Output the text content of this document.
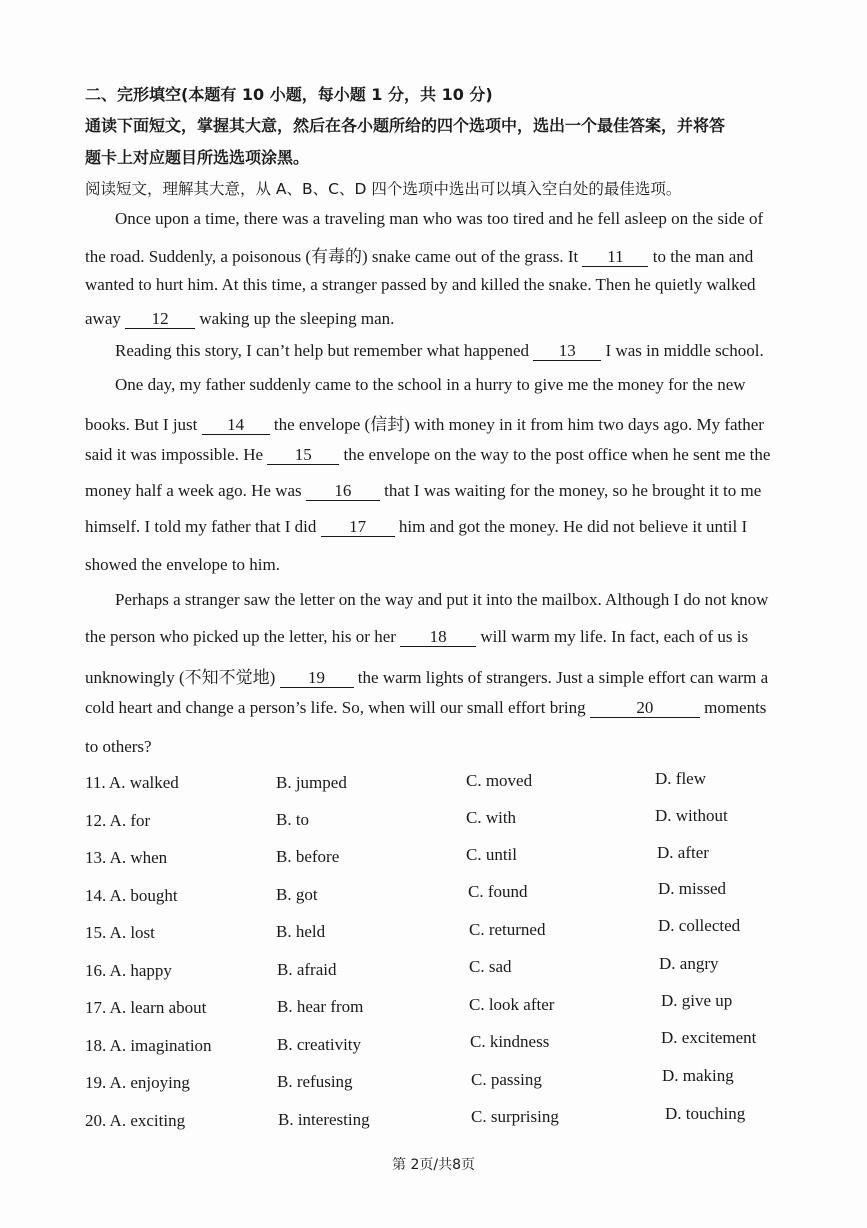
二、完形填空(本题有 10 小题，每小题 1 分，共 10 分)
通读下面短文，掌握其大意，然后在各小题所给的四个选项中，选出一个最佳答案，并将答
题卡上对应题目所选选项涂黑。
阅读短文，理解其大意，从 A、B、C、D 四个选项中选出可以填入空白处的最佳选项。
Once upon a time, there was a traveling man who was too tired and he fell asleep on the side of
the road. Suddenly, a poisonous (有毒的) snake came out of the grass. It 11 to the man and
wanted to hurt him. At this time, a stranger passed by and killed the snake. Then he quietly walked
away 12 waking up the sleeping man.
Reading this story, I can’t help but remember what happened 13 I was in middle school.
One day, my father suddenly came to the school in a hurry to give me the money for the new
books. But I just 14 the envelope (信封) with money in it from him two days ago. My father
said it was impossible. He 15 the envelope on the way to the post office when he sent me the
money half a week ago. He was 16 that I was waiting for the money, so he brought it to me
himself. I told my father that I did 17 him and got the money. He did not believe it until I
showed the envelope to him.
Perhaps a stranger saw the letter on the way and put it into the mailbox. Although I do not know
the person who picked up the letter, his or her 18 will warm my life. In fact, each of us is
unknowingly (不知不觉地) 19 the warm lights of strangers. Just a simple effort can warm a
cold heart and change a person’s life. So, when will our small effort bring	20	moments
to others?
11. A. walked	B. jumped	C. moved	D. flew
12. A. for	B. to	C. with	D. without
13. A. when	B. before	C. until	D. after
14. A. bought	B. got	C. found	D. missed
15. A. lost	B. held	C. returned	D. collected
16. A. happy	B. afraid	C. sad	D. angry
17. A. learn about	B. hear from	C. look after	D. give up
18. A. imagination	B. creativity	C. kindness	D. excitement
19. A. enjoying	B. refusing	C. passing	D. making
20. A. exciting	B. interesting	C. surprising	D. touching
第 2页/共8页
